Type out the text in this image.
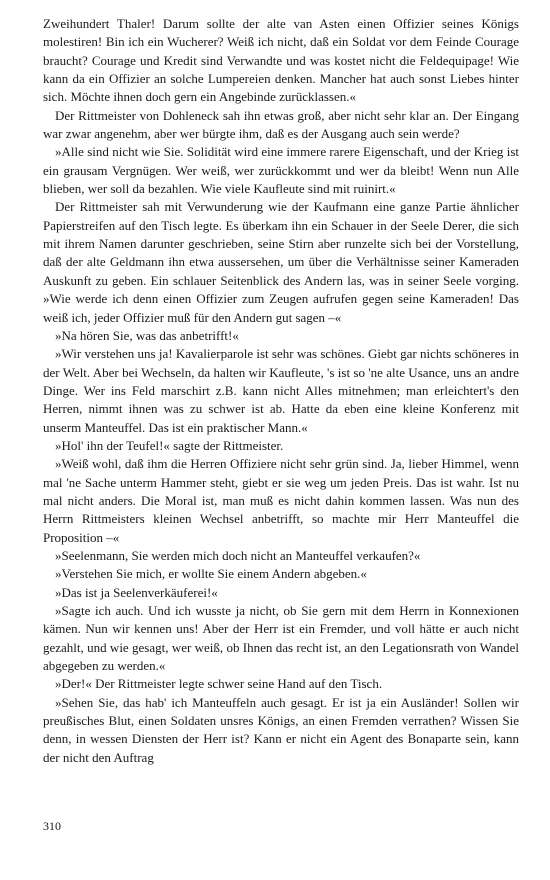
Zweihundert Thaler! Darum sollte der alte van Asten einen Offizier seines Königs molestiren! Bin ich ein Wucherer? Weiß ich nicht, daß ein Soldat vor dem Feinde Courage braucht? Courage und Kredit sind Verwandte und was kostet nicht die Feldequipage! Wie kann da ein Offizier an solche Lumpereien denken. Mancher hat auch sonst Liebes hinter sich. Möchte ihnen doch gern ein Angebinde zurücklassen.«

Der Rittmeister von Dohleneck sah ihn etwas groß, aber nicht sehr klar an. Der Eingang war zwar angenehm, aber wer bürgte ihm, daß es der Ausgang auch sein werde?

»Alle sind nicht wie Sie. Solidität wird eine immere rarere Eigenschaft, und der Krieg ist ein grausam Vergnügen. Wer weiß, wer zurückkommt und wer da bleibt! Wenn nun Alle blieben, wer soll da bezahlen. Wie viele Kaufleute sind mit ruinirt.«

Der Rittmeister sah mit Verwunderung wie der Kaufmann eine ganze Partie ähnlicher Papierstreifen auf den Tisch legte. Es überkam ihn ein Schauer in der Seele Derer, die sich mit ihrem Namen darunter geschrieben, seine Stirn aber runzelte sich bei der Vorstellung, daß der alte Geldmann ihn etwa aussersehen, um über die Verhältnisse seiner Kameraden Auskunft zu geben. Ein schlauer Seitenblick des Andern las, was in seiner Seele vorging. »Wie werde ich denn einen Offizier zum Zeugen aufrufen gegen seine Kameraden! Das weiß ich, jeder Offizier muß für den Andern gut sagen –«

»Na hören Sie, was das anbetrifft!«

»Wir verstehen uns ja! Kavalierparole ist sehr was schönes. Giebt gar nichts schöneres in der Welt. Aber bei Wechseln, da halten wir Kaufleute, 's ist so 'ne alte Usance, uns an andre Dinge. Wer ins Feld marschirt z.B. kann nicht Alles mitnehmen; man erleichtert's den Herren, nimmt ihnen was zu schwer ist ab. Hatte da eben eine kleine Konferenz mit unserm Manteuffel. Das ist ein praktischer Mann.«

»Hol' ihn der Teufel!« sagte der Rittmeister.

»Weiß wohl, daß ihm die Herren Offiziere nicht sehr grün sind. Ja, lieber Himmel, wenn mal 'ne Sache unterm Hammer steht, giebt er sie weg um jeden Preis. Das ist wahr. Ist nu mal nicht anders. Die Moral ist, man muß es nicht dahin kommen lassen. Was nun des Herrn Rittmeisters kleinen Wechsel anbetrifft, so machte mir Herr Manteuffel die Proposition –«

»Seelenmann, Sie werden mich doch nicht an Manteuffel verkaufen?«

»Verstehen Sie mich, er wollte Sie einem Andern abgeben.«

»Das ist ja Seelenverkäuferei!«

»Sagte ich auch. Und ich wusste ja nicht, ob Sie gern mit dem Herrn in Konnexionen kämen. Nun wir kennen uns! Aber der Herr ist ein Fremder, und voll hätte er auch nicht gezahlt, und wie gesagt, wer weiß, ob Ihnen das recht ist, an den Legationsrath von Wandel abgegeben zu werden.«

»Der!« Der Rittmeister legte schwer seine Hand auf den Tisch.

»Sehen Sie, das hab' ich Manteuffeln auch gesagt. Er ist ja ein Ausländer! Sollen wir preußisches Blut, einen Soldaten unsres Königs, an einen Fremden verrathen? Wissen Sie denn, in wessen Diensten der Herr ist? Kann er nicht ein Agent des Bonaparte sein, kann der nicht den Auftrag

310
